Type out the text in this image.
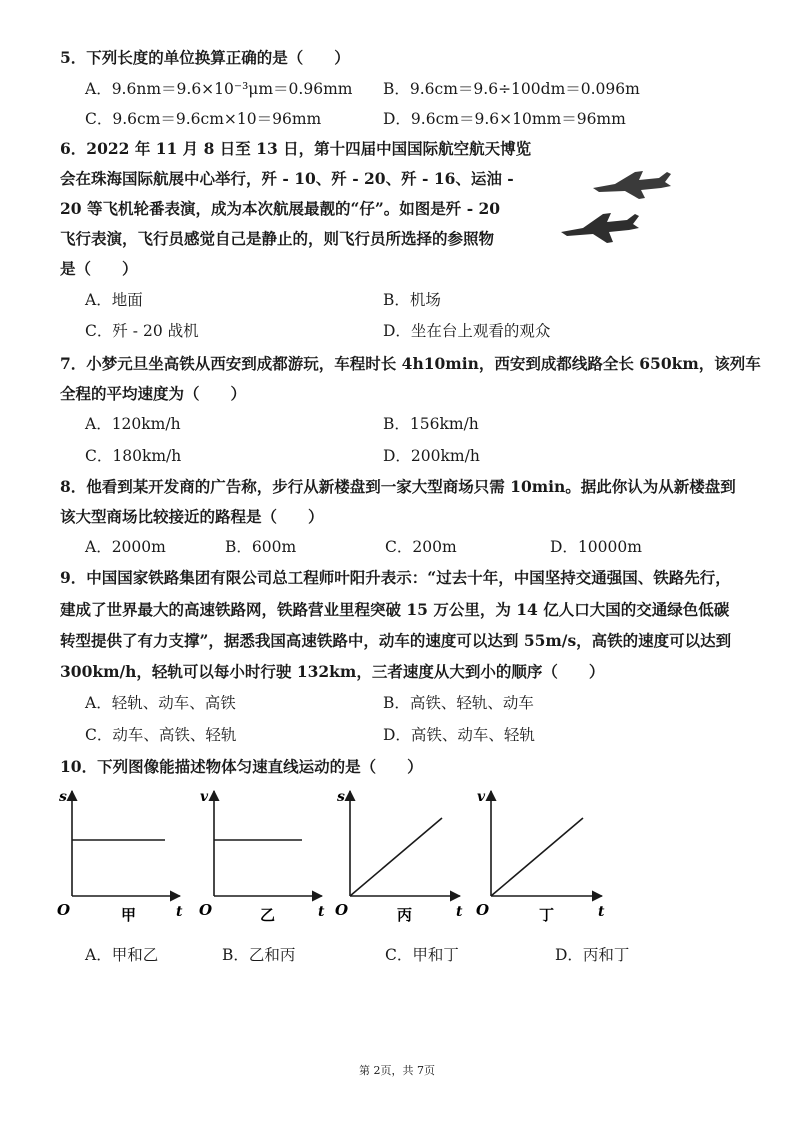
5．下列长度的单位换算正确的是（　　）
A．9.6nm＝9.6×10⁻³μm＝0.96mm B．9.6cm＝9.6÷100dm＝0.096m
C．9.6cm＝9.6cm×10＝96mm	D．9.6cm＝9.6×10mm＝96mm
6．2022 年 11 月 8 日至 13 日，第十四届中国国际航空航天博览
会在珠海国际航展中心举行，歼 - 10、歼 - 20、歼 - 16、运油 -
20 等飞机轮番表演，成为本次航展最靓的“仔”。如图是歼 - 20
飞行表演，飞行员感觉自己是静止的，则飞行员所选择的参照物
是（　　）
A．地面	B．机场
C．歼 - 20 战机	D．坐在台上观看的观众
7．小梦元旦坐高铁从西安到成都游玩，车程时长 4h10min，西安到成都线路全长 650km，该列车
全程的平均速度为（　　）
A．120km/h	B．156km/h
C．180km/h	D．200km/h
8．他看到某开发商的广告称，步行从新楼盘到一家大型商场只需 10min。据此你认为从新楼盘到
该大型商场比较接近的路程是（　　）
A．2000m	B．600m	C．200m	D．10000m
9．中国国家铁路集团有限公司总工程师叶阳升表示：“过去十年，中国坚持交通强国、铁路先行，
建成了世界最大的高速铁路网，铁路营业里程突破 15 万公里，为 14 亿人口大国的交通绿色低碳
转型提供了有力支撑”，据悉我国高速铁路中，动车的速度可以达到 55m/s，高铁的速度可以达到
300km/h，轻轨可以每小时行驶 132km，三者速度从大到小的顺序（　　）
A．轻轨、动车、高铁	B．高铁、轻轨、动车
C．动车、高铁、轻轨	D．高铁、动车、轻轨
10．下列图像能描述物体匀速直线运动的是（　　）
s
t
O	甲
v
t
O	乙
s
t
O	丙
v
t
O	丁
A．甲和乙	B．乙和丙	C．甲和丁	D．丙和丁
第 2页，共 7页
